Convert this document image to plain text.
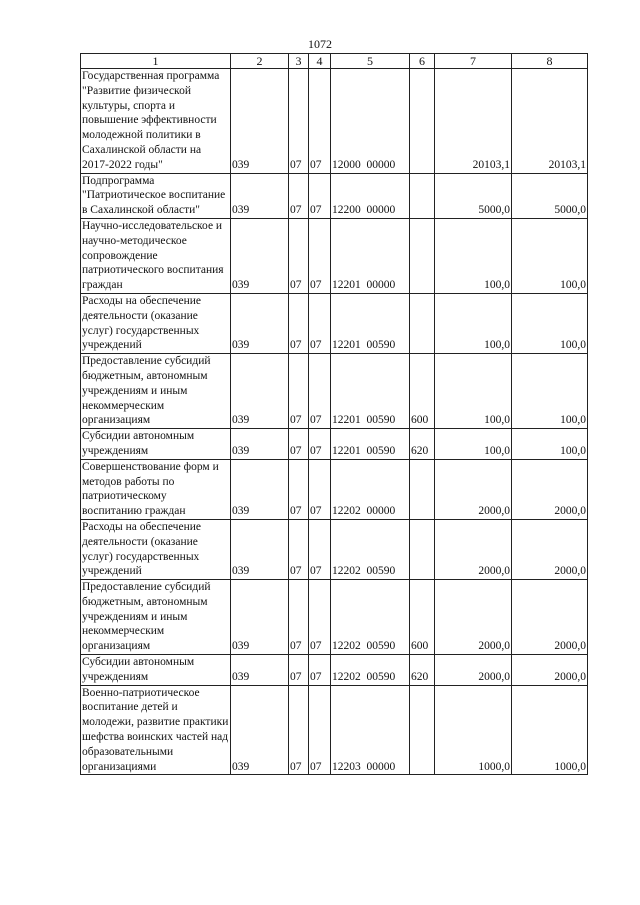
1072
1	2	3	4	5	6	7	8
Государственная программа "Развитие физической культуры, спорта и повышение эффективности молодежной политики в Сахалинской области на 2017-2022 годы"	039	07	07	12000  00000		20103,1	20103,1
Подпрограмма "Патриотическое воспитание в Сахалинской области"	039	07	07	12200  00000		5000,0	5000,0
Научно-исследовательское и научно-методическое сопровождение патриотического воспитания граждан	039	07	07	12201  00000		100,0	100,0
Расходы на обеспечение деятельности (оказание услуг) государственных учреждений	039	07	07	12201  00590		100,0	100,0
Предоставление субсидий бюджетным, автономным учреждениям и иным некоммерческим организациям	039	07	07	12201  00590	600	100,0	100,0
Субсидии автономным учреждениям	039	07	07	12201  00590	620	100,0	100,0
Совершенствование форм и методов работы по патриотическому воспитанию граждан	039	07	07	12202  00000		2000,0	2000,0
Расходы на обеспечение деятельности (оказание услуг) государственных учреждений	039	07	07	12202  00590		2000,0	2000,0
Предоставление субсидий бюджетным, автономным учреждениям и иным некоммерческим организациям	039	07	07	12202  00590	600	2000,0	2000,0
Субсидии автономным учреждениям	039	07	07	12202  00590	620	2000,0	2000,0
Военно-патриотическое воспитание детей и молодежи, развитие практики шефства воинских частей над образовательными организациями	039	07	07	12203  00000		1000,0	1000,0
